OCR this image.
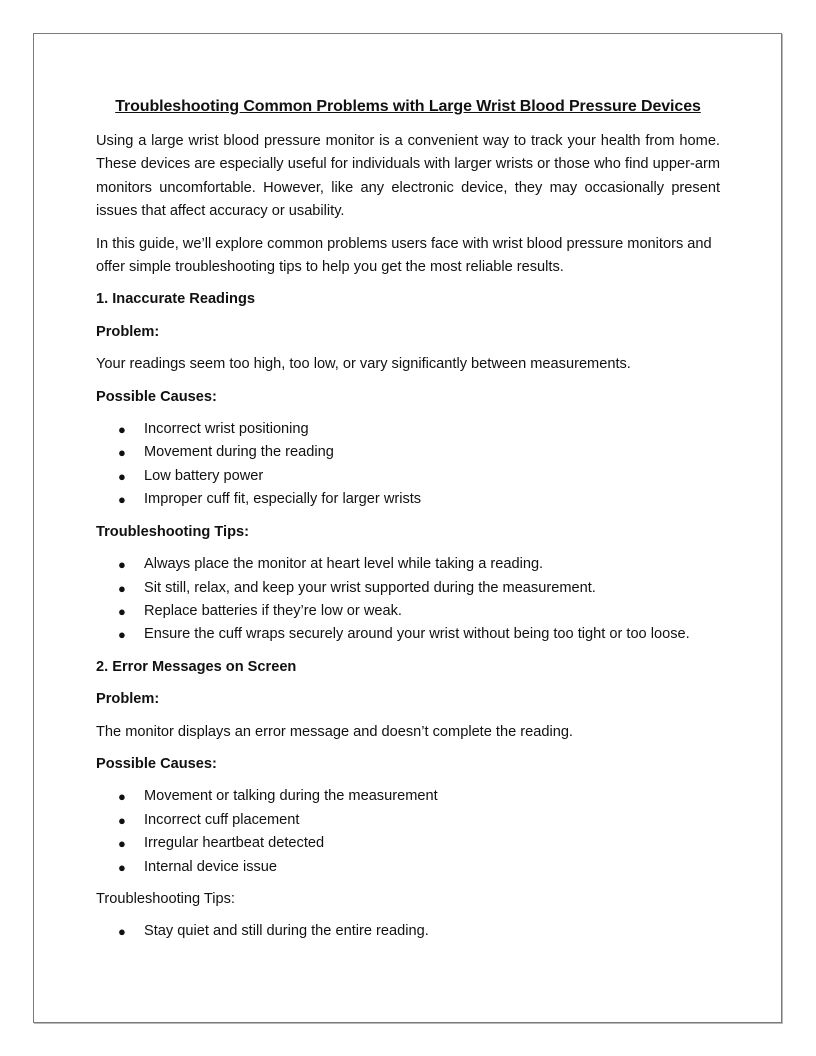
Troubleshooting Common Problems with Large Wrist Blood Pressure Devices

Using a large wrist blood pressure monitor is a convenient way to track your health from home. These devices are especially useful for individuals with larger wrists or those who find upper-arm monitors uncomfortable. However, like any electronic device, they may occasionally present issues that affect accuracy or usability.

In this guide, we’ll explore common problems users face with wrist blood pressure monitors and offer simple troubleshooting tips to help you get the most reliable results.

1. Inaccurate Readings

Problem:

Your readings seem too high, too low, or vary significantly between measurements.

Possible Causes:

● Incorrect wrist positioning
● Movement during the reading
● Low battery power
● Improper cuff fit, especially for larger wrists

Troubleshooting Tips:

● Always place the monitor at heart level while taking a reading.
● Sit still, relax, and keep your wrist supported during the measurement.
● Replace batteries if they’re low or weak.
● Ensure the cuff wraps securely around your wrist without being too tight or too loose.

2. Error Messages on Screen

Problem:

The monitor displays an error message and doesn’t complete the reading.

Possible Causes:

● Movement or talking during the measurement
● Incorrect cuff placement
● Irregular heartbeat detected
● Internal device issue

Troubleshooting Tips:

● Stay quiet and still during the entire reading.
